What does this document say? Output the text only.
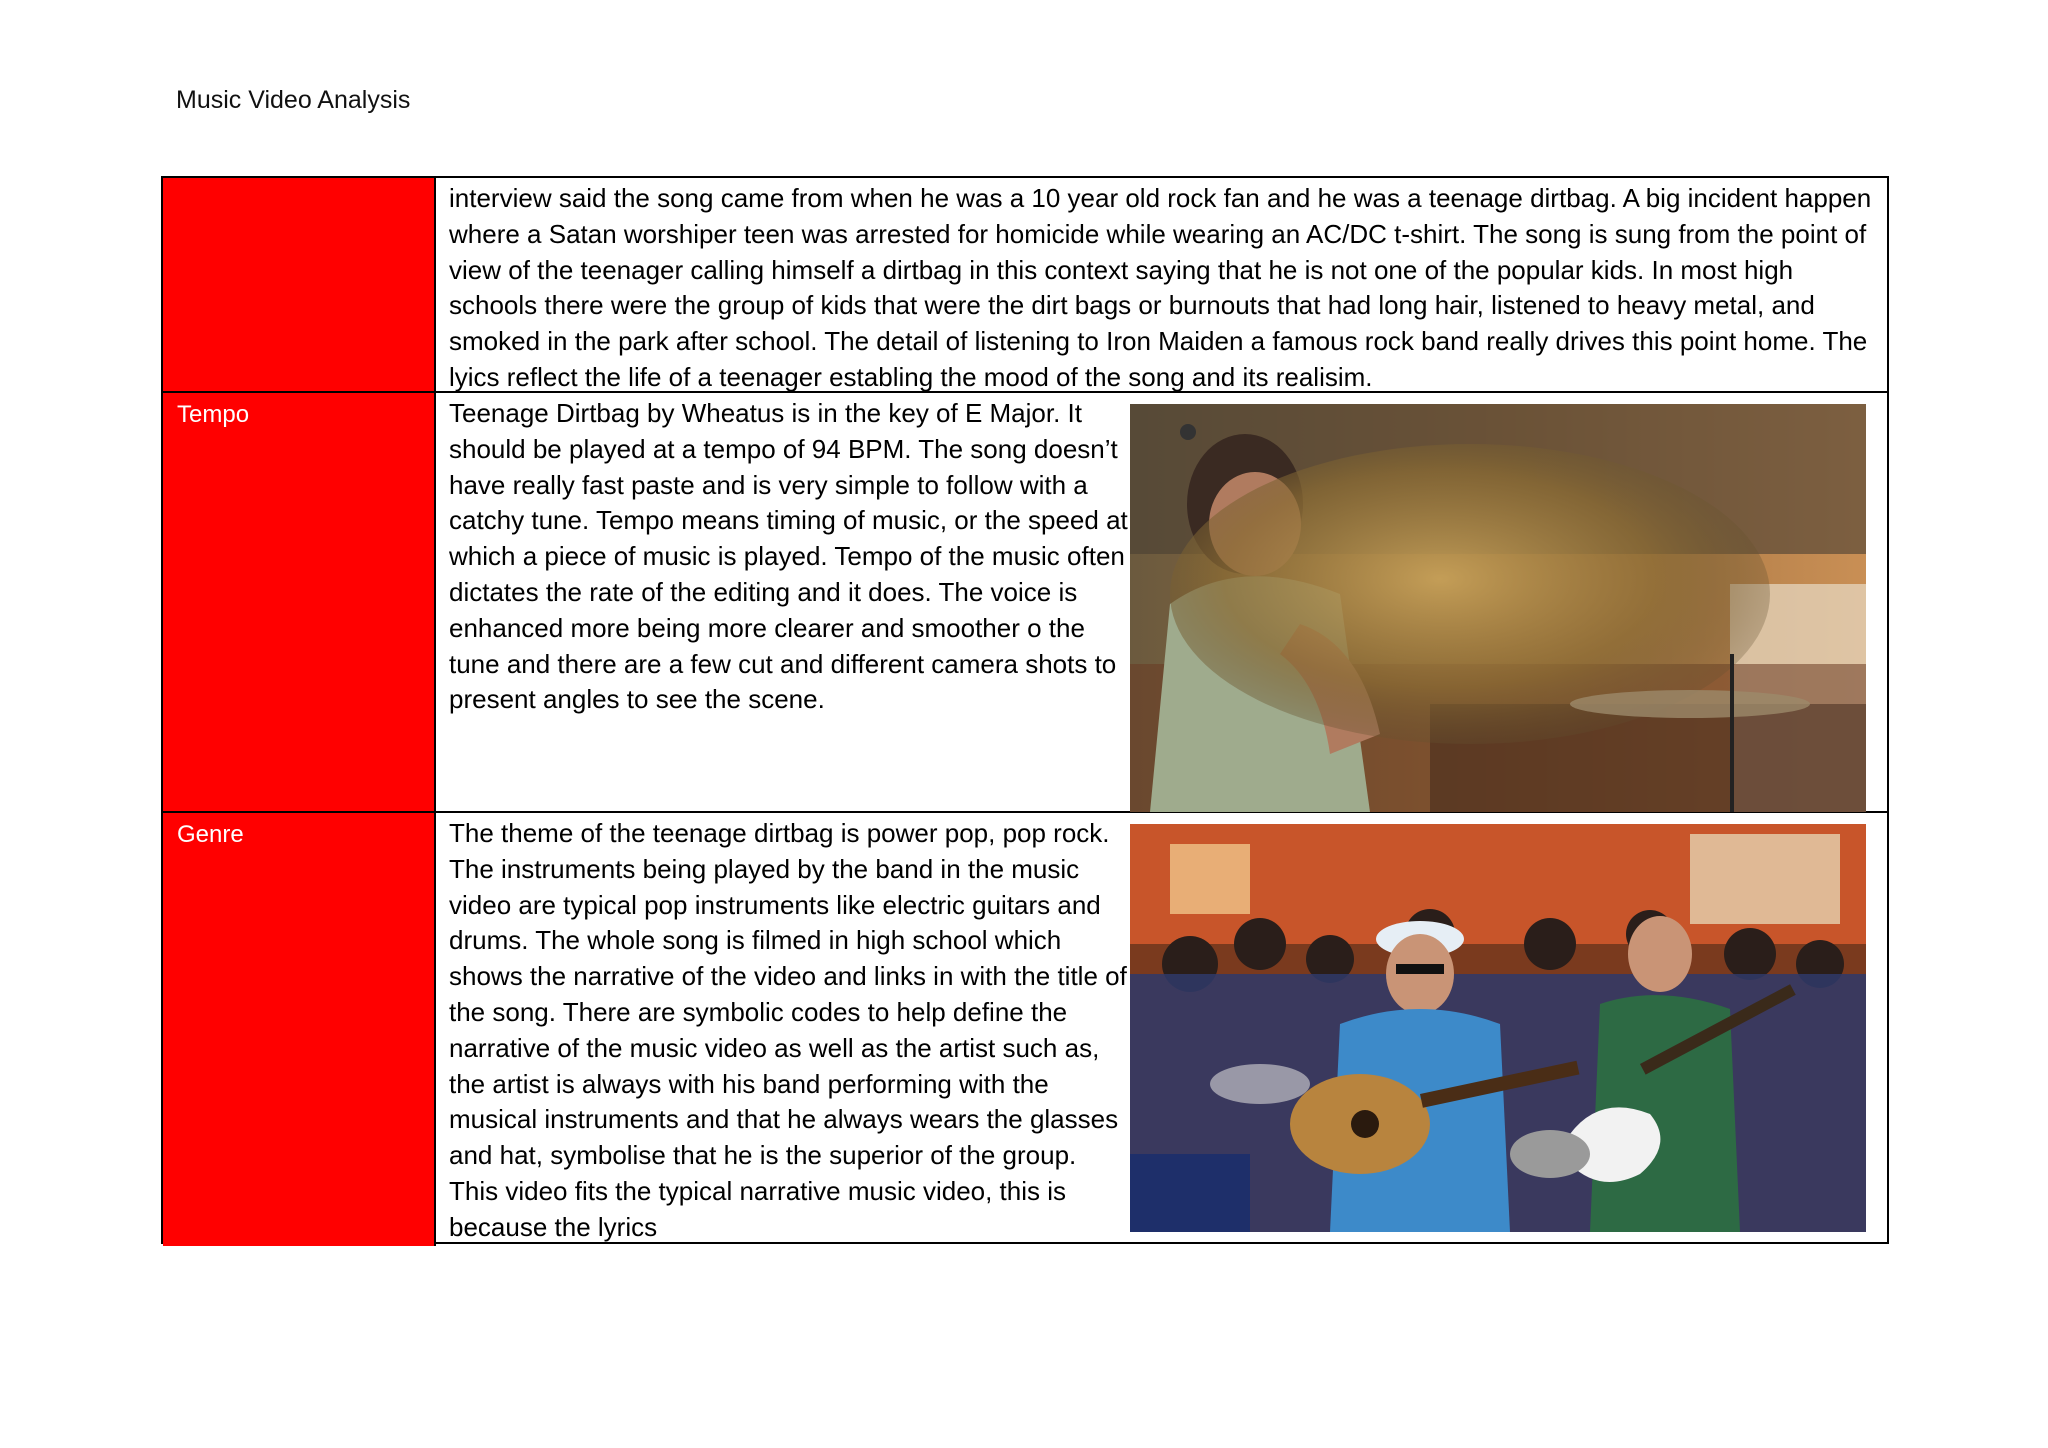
Music Video Analysis
interview said the song came from when he was a 10 year old rock fan and he was a teenage dirtbag. A big incident happen where a Satan worshiper teen was arrested for homicide while wearing an AC/DC t-shirt. The song is sung from the point of view of the teenager calling himself a dirtbag in this context saying that he is not one of the popular kids. In most high schools there were the group of kids that were the dirt bags or burnouts that had long hair, listened to heavy metal, and smoked in the park after school. The detail of listening to Iron Maiden a famous rock band really drives this point home. The lyics reflect the life of a teenager establing the mood of the song and its realisim.
Tempo	Teenage Dirtbag by Wheatus is in the key of E Major. It should be played at a tempo of 94 BPM. The song doesn’t have really fast paste and is very simple to follow with a catchy tune. Tempo means timing of music, or the speed at which a piece of music is played. Tempo of the music often dictates the rate of the editing and it does. The voice is enhanced more being more clearer and smoother o the tune and there are a few cut and different camera shots to present angles to see the scene.
Genre	The theme of the teenage dirtbag is power pop, pop rock. The instruments being played by the band in the music video are typical pop instruments like electric guitars and drums. The whole song is filmed in high school which shows the narrative of the video and links in with the title of the song. There are symbolic codes to help define the narrative of the music video as well as the artist such as, the artist is always with his band performing with the musical instruments and that he always wears the glasses and hat, symbolise that he is the superior of the group. This video fits the typical narrative music video, this is because the lyrics
